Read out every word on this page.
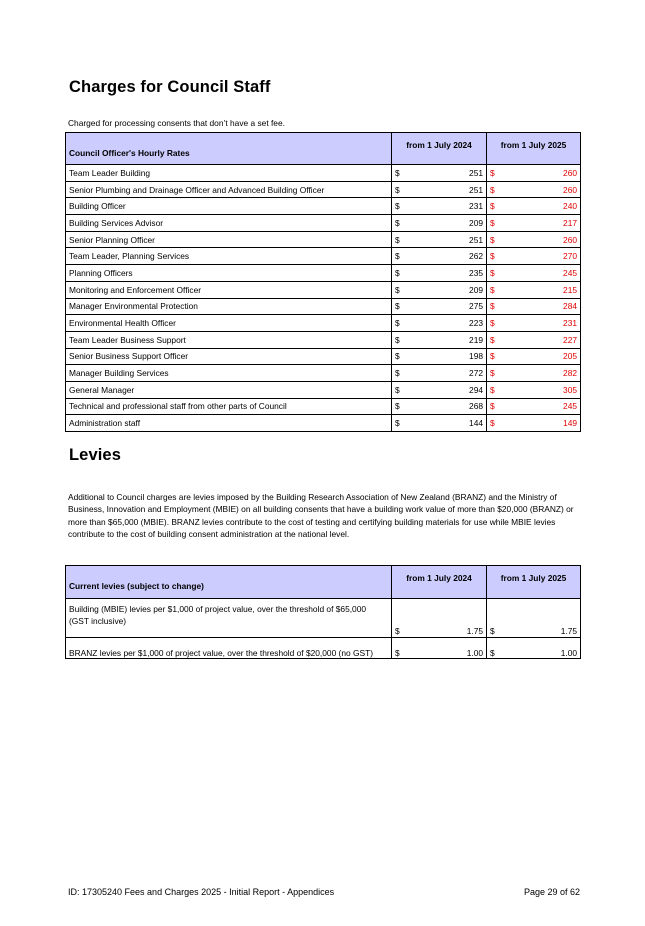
Charges for Council Staff
Charged for processing consents that don’t have a set fee.
Council Officer's Hourly Rates	from 1 July 2024		from 1 July 2025	
Team Leader Building	$	251	$	260
Senior Plumbing and Drainage Officer and Advanced Building Officer	$	251	$	260
Building Officer	$	231	$	240
Building Services Advisor	$	209	$	217
Senior Planning Officer	$	251	$	260
Team Leader, Planning Services	$	262	$	270
Planning Officers	$	235	$	245
Monitoring and Enforcement Officer	$	209	$	215
Manager Environmental Protection	$	275	$	284
Environmental Health Officer	$	223	$	231
Team Leader Business Support	$	219	$	227
Senior Business Support Officer	$	198	$	205
Manager Building Services	$	272	$	282
General Manager	$	294	$	305
Technical and professional staff from other parts of Council	$	268	$	245
Administration staff	$	144	$	149
Levies
Additional to Council charges are levies imposed by the Building Research Association of New Zealand (BRANZ) and the Ministry of Business, Innovation and Employment (MBIE) on all building consents that have a building work value of more than $20,000 (BRANZ) or more than $65,000 (MBIE). BRANZ levies contribute to the cost of testing and certifying building materials for use while MBIE levies contribute to the cost of building consent administration at the national level.
Current levies (subject to change)	from 1 July 2024		from 1 July 2025	
Building (MBIE) levies per $1,000 of project value, over the threshold of $65,000 (GST inclusive)	$	1.75	$	1.75
BRANZ levies per $1,000 of project value, over the threshold of $20,000 (no GST)	$	1.00	$	1.00
ID: 17305240 Fees and Charges 2025 - Initial Report - Appendices	Page 29 of 62
